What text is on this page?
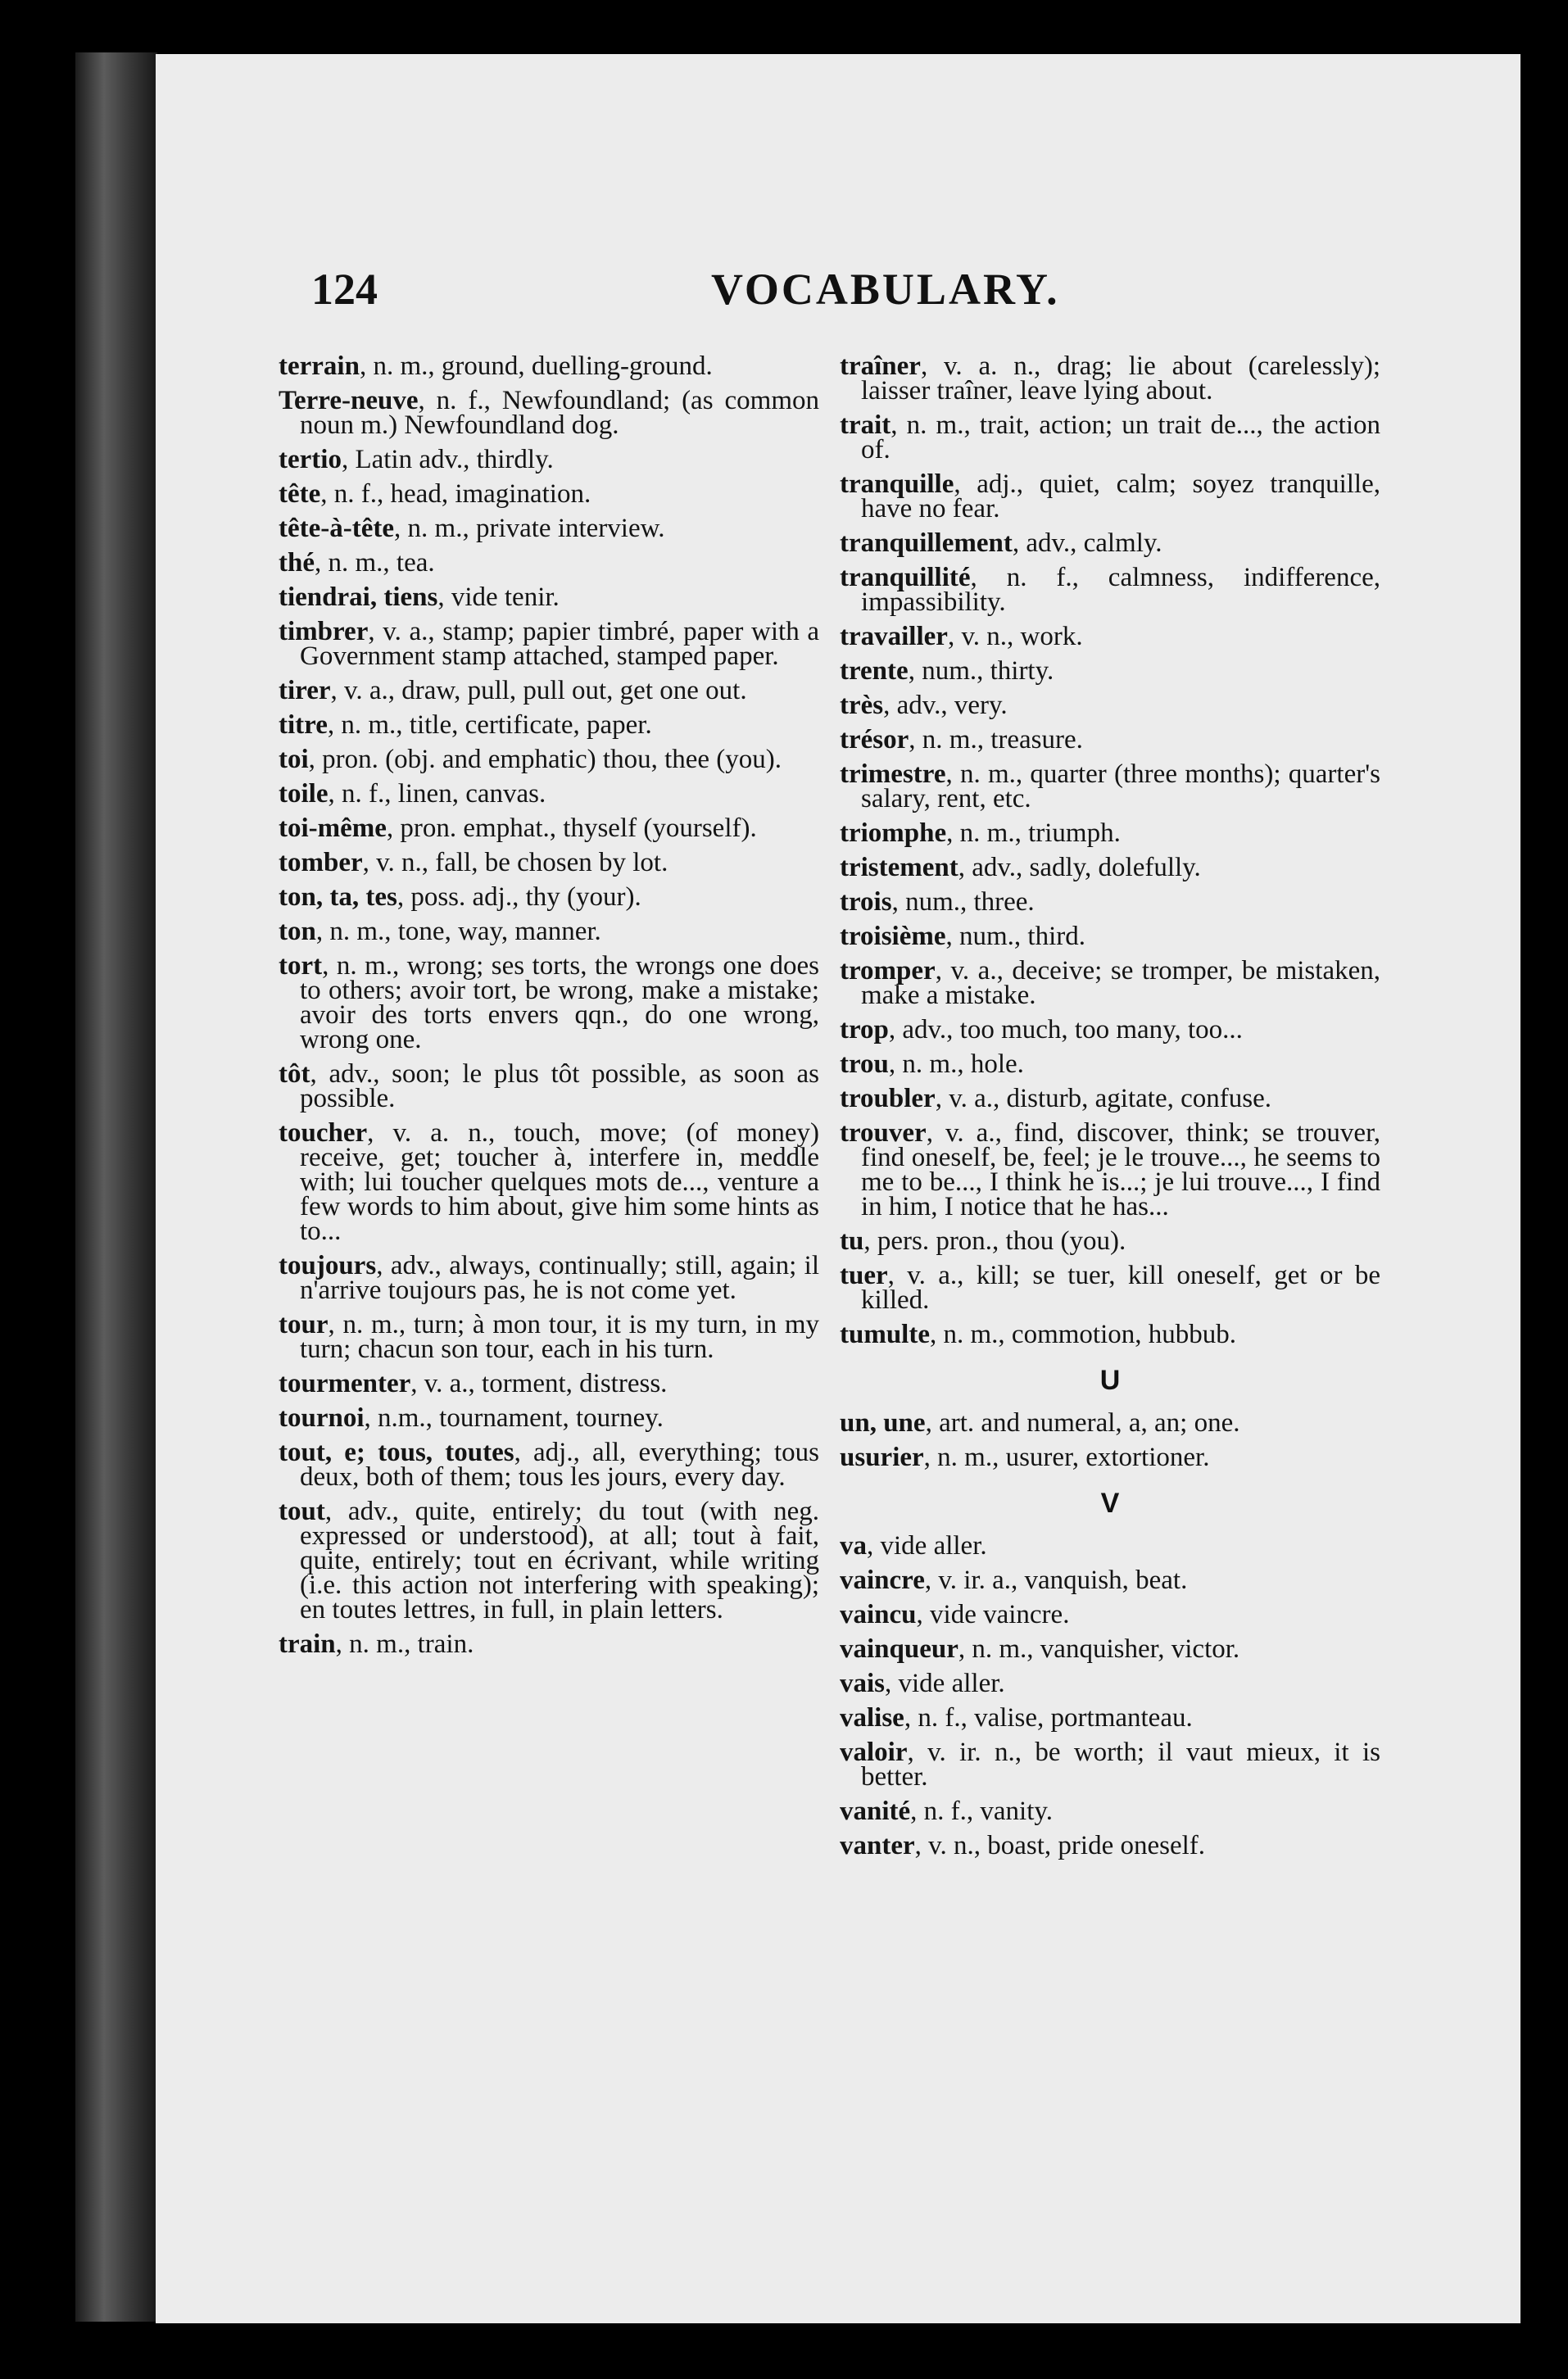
124	VOCABULARY.
terrain, n. m., ground, duelling-ground.
Terre-neuve, n. f., Newfoundland; (as common noun m.) Newfoundland dog.
tertio, Latin adv., thirdly.
tête, n. f., head, imagination.
tête-à-tête, n. m., private interview.
thé, n. m., tea.
tiendrai, tiens, vide tenir.
timbrer, v. a., stamp; papier timbré, paper with a Government stamp attached, stamped paper.
tirer, v. a., draw, pull, pull out, get one out.
titre, n. m., title, certificate, paper.
toi, pron. (obj. and emphatic) thou, thee (you).
toile, n. f., linen, canvas.
toi-même, pron. emphat., thyself (yourself).
tomber, v. n., fall, be chosen by lot.
ton, ta, tes, poss. adj., thy (your).
ton, n. m., tone, way, manner.
tort, n. m., wrong; ses torts, the wrongs one does to others; avoir tort, be wrong, make a mistake; avoir des torts envers qqn., do one wrong, wrong one.
tôt, adv., soon; le plus tôt possible, as soon as possible.
toucher, v. a. n., touch, move; (of money) receive, get; toucher à, interfere in, meddle with; lui toucher quelques mots de..., venture a few words to him about, give him some hints as to...
toujours, adv., always, continually; still, again; il n'arrive toujours pas, he is not come yet.
tour, n. m., turn; à mon tour, it is my turn, in my turn; chacun son tour, each in his turn.
tourmenter, v. a., torment, distress.
tournoi, n.m., tournament, tourney.
tout, e; tous, toutes, adj., all, everything; tous deux, both of them; tous les jours, every day.
tout, adv., quite, entirely; du tout (with neg. expressed or understood), at all; tout à fait, quite, entirely; tout en écrivant, while writing (i.e. this action not interfering with speaking); en toutes lettres, in full, in plain letters.
train, n. m., train.
traîner, v. a. n., drag; lie about (carelessly); laisser traîner, leave lying about.
trait, n. m., trait, action; un trait de..., the action of.
tranquille, adj., quiet, calm; soyez tranquille, have no fear.
tranquillement, adv., calmly.
tranquillité, n. f., calmness, indifference, impassibility.
travailler, v. n., work.
trente, num., thirty.
très, adv., very.
trésor, n. m., treasure.
trimestre, n. m., quarter (three months); quarter's salary, rent, etc.
triomphe, n. m., triumph.
tristement, adv., sadly, dolefully.
trois, num., three.
troisième, num., third.
tromper, v. a., deceive; se tromper, be mistaken, make a mistake.
trop, adv., too much, too many, too...
trou, n. m., hole.
troubler, v. a., disturb, agitate, confuse.
trouver, v. a., find, discover, think; se trouver, find oneself, be, feel; je le trouve..., he seems to me to be..., I think he is...; je lui trouve..., I find in him, I notice that he has...
tu, pers. pron., thou (you).
tuer, v. a., kill; se tuer, kill oneself, get or be killed.
tumulte, n. m., commotion, hubbub.
U
un, une, art. and numeral, a, an; one.
usurier, n. m., usurer, extortioner.
V
va, vide aller.
vaincre, v. ir. a., vanquish, beat.
vaincu, vide vaincre.
vainqueur, n. m., vanquisher, victor.
vais, vide aller.
valise, n. f., valise, portmanteau.
valoir, v. ir. n., be worth; il vaut mieux, it is better.
vanité, n. f., vanity.
vanter, v. n., boast, pride oneself.
